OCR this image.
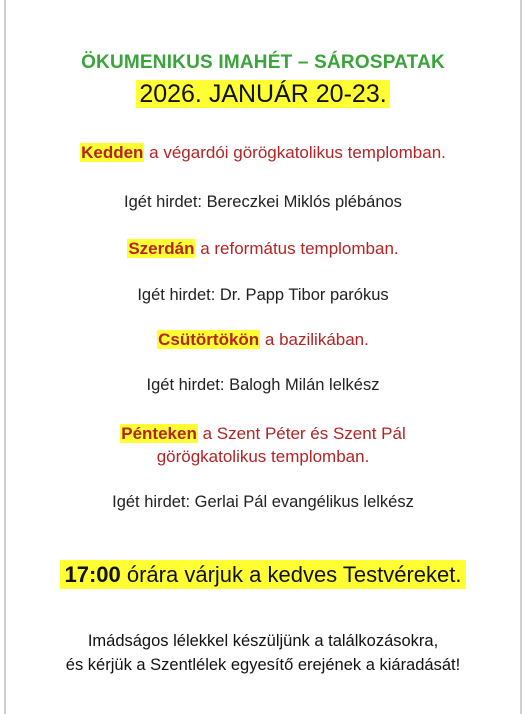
ÖKUMENIKUS IMAHÉT – SÁROSPATAK
2026. JANUÁR 20-23.
Kedden a végardói görögkatolikus templomban.
Igét hirdet: Bereczkei Miklós plébános
Szerdán a református templomban.
Igét hirdet: Dr. Papp Tibor parókus
Csütörtökön a bazilikában.
Igét hirdet: Balogh Milán lelkész
Pénteken a Szent Péter és Szent Pál
görögkatolikus templomban.
Igét hirdet: Gerlai Pál evangélikus lelkész
17:00 órára várjuk a kedves Testvéreket.
Imádságos lélekkel készüljünk a találkozásokra,
és kérjük a Szentlélek egyesítő erejének a kiáradását!
